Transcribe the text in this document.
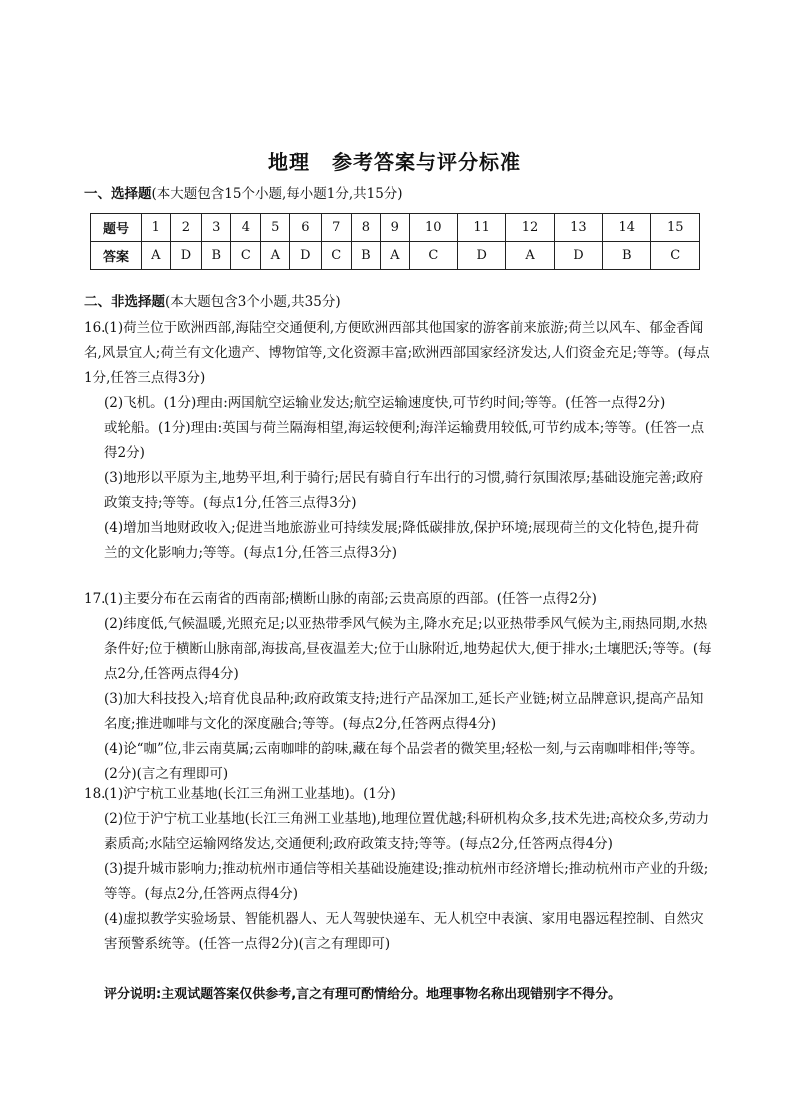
地理 参考答案与评分标准
一、选择题(本大题包含15个小题,每小题1分,共15分)
题号	1	2	3	4	5	6	7	8	9	10	11	12	13	14	15
答案	A	D	B	C	A	D	C	B	A	C	D	A	D	B	C
二、非选择题(本大题包含3个小题,共35分)

16.(1)荷兰位于欧洲西部,海陆空交通便利,方便欧洲西部其他国家的游客前来旅游;荷兰以风车、郁金香闻名,风景宜人;荷兰有文化遗产、博物馆等,文化资源丰富;欧洲西部国家经济发达,人们资金充足;等等。(每点1分,任答三点得3分)

(2)飞机。(1分)理由:两国航空运输业发达;航空运输速度快,可节约时间;等等。(任答一点得2分)

或轮船。(1分)理由:英国与荷兰隔海相望,海运较便利;海洋运输费用较低,可节约成本;等等。(任答一点得2分)

(3)地形以平原为主,地势平坦,利于骑行;居民有骑自行车出行的习惯,骑行氛围浓厚;基础设施完善;政府政策支持;等等。(每点1分,任答三点得3分)

(4)增加当地财政收入;促进当地旅游业可持续发展;降低碳排放,保护环境;展现荷兰的文化特色,提升荷兰的文化影响力;等等。(每点1分,任答三点得3分)

17.(1)主要分布在云南省的西南部;横断山脉的南部;云贵高原的西部。(任答一点得2分)

(2)纬度低,气候温暖,光照充足;以亚热带季风气候为主,降水充足;以亚热带季风气候为主,雨热同期,水热条件好;位于横断山脉南部,海拔高,昼夜温差大;位于山脉附近,地势起伏大,便于排水;土壤肥沃;等等。(每点2分,任答两点得4分)

(3)加大科技投入;培育优良品种;政府政策支持;进行产品深加工,延长产业链;树立品牌意识,提高产品知名度;推进咖啡与文化的深度融合;等等。(每点2分,任答两点得4分)

(4)论“咖”位,非云南莫属;云南咖啡的韵味,藏在每个品尝者的微笑里;轻松一刻,与云南咖啡相伴;等等。(2分)(言之有理即可)

18.(1)沪宁杭工业基地(长江三角洲工业基地)。(1分)

(2)位于沪宁杭工业基地(长江三角洲工业基地),地理位置优越;科研机构众多,技术先进;高校众多,劳动力素质高;水陆空运输网络发达,交通便利;政府政策支持;等等。(每点2分,任答两点得4分)

(3)提升城市影响力;推动杭州市通信等相关基础设施建设;推动杭州市经济增长;推动杭州市产业的升级;等等。(每点2分,任答两点得4分)

(4)虚拟教学实验场景、智能机器人、无人驾驶快递车、无人机空中表演、家用电器远程控制、自然灾害预警系统等。(任答一点得2分)(言之有理即可)

评分说明:主观试题答案仅供参考,言之有理可酌情给分。地理事物名称出现错别字不得分。
